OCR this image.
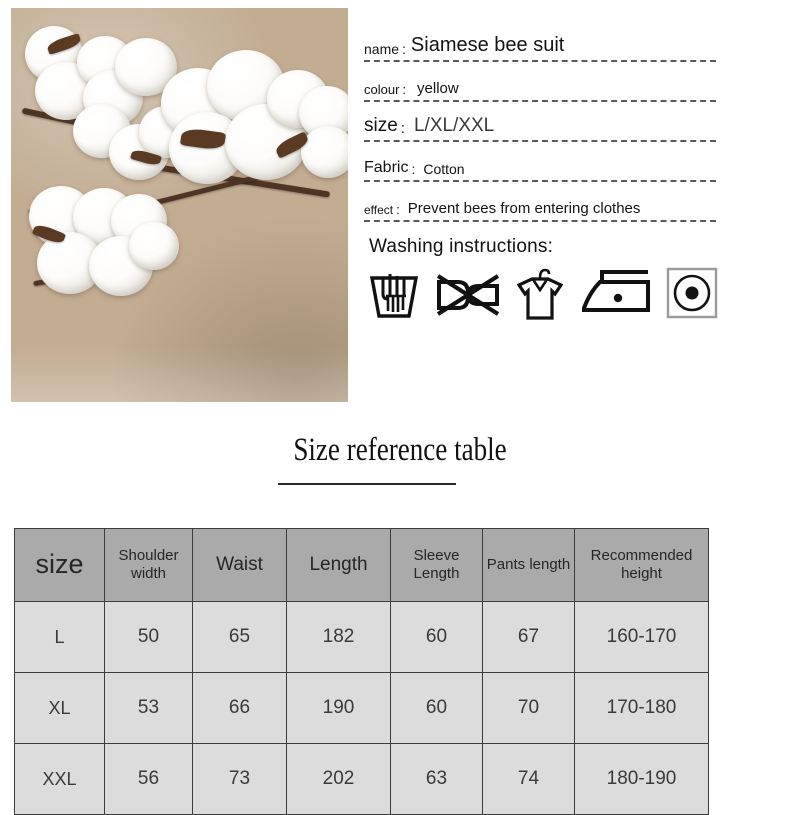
name : Siamese bee suit
colour : yellow
size : L/XL/XXL
Fabric : Cotton
effect : Prevent bees from entering clothes
Washing instructions:
Size reference table
size	Shoulder width	Waist	Length	Sleeve Length	Pants length	Recommended height
L	50	65	182	60	67	160-170
XL	53	66	190	60	70	170-180
XXL	56	73	202	63	74	180-190
